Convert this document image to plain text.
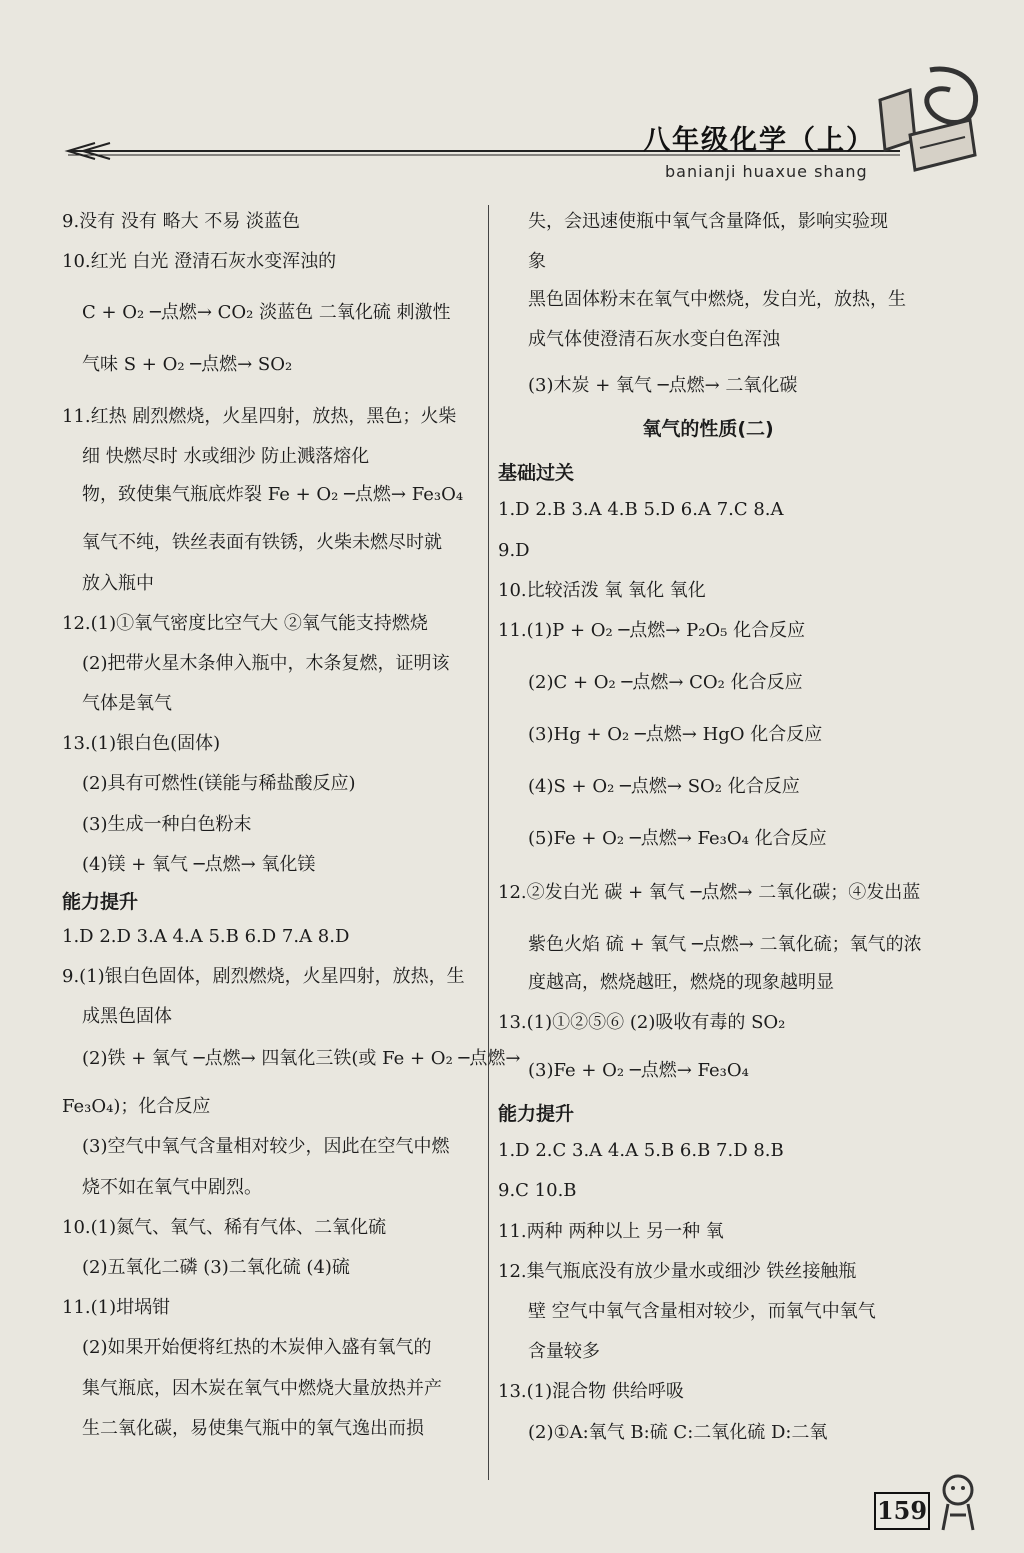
八年级化学（上）
banianji huaxue shang
9.没有 没有 略大 不易 淡蓝色
10.红光 白光 澄清石灰水变浑浊的
C + O₂ ─点燃→ CO₂ 淡蓝色 二氧化硫 刺激性
气味 S + O₂ ─点燃→ SO₂
11.红热 剧烈燃烧，火星四射，放热，黑色；火柴
细 快燃尽时 水或细沙 防止溅落熔化
物，致使集气瓶底炸裂 Fe + O₂ ─点燃→ Fe₃O₄
氧气不纯，铁丝表面有铁锈，火柴未燃尽时就
放入瓶中
12.(1)①氧气密度比空气大 ②氧气能支持燃烧
(2)把带火星木条伸入瓶中，木条复燃，证明该
气体是氧气
13.(1)银白色(固体)
(2)具有可燃性(镁能与稀盐酸反应)
(3)生成一种白色粉末
(4)镁 + 氧气 ─点燃→ 氧化镁
能力提升
1.D 2.D 3.A 4.A 5.B 6.D 7.A 8.D
9.(1)银白色固体，剧烈燃烧，火星四射，放热，生
成黑色固体
(2)铁 + 氧气 ─点燃→ 四氧化三铁(或 Fe + O₂ ─点燃→
Fe₃O₄)；化合反应
(3)空气中氧气含量相对较少，因此在空气中燃
烧不如在氧气中剧烈。
10.(1)氮气、氧气、稀有气体、二氧化硫
(2)五氧化二磷 (3)二氧化硫 (4)硫
11.(1)坩埚钳
(2)如果开始便将红热的木炭伸入盛有氧气的
集气瓶底，因木炭在氧气中燃烧大量放热并产
生二氧化碳，易使集气瓶中的氧气逸出而损
失，会迅速使瓶中氧气含量降低，影响实验现
象
黑色固体粉末在氧气中燃烧，发白光，放热，生
成气体使澄清石灰水变白色浑浊
(3)木炭 + 氧气 ─点燃→ 二氧化碳
氧气的性质(二)
基础过关
1.D 2.B 3.A 4.B 5.D 6.A 7.C 8.A
9.D
10.比较活泼 氧 氧化 氧化
11.(1)P + O₂ ─点燃→ P₂O₅ 化合反应
(2)C + O₂ ─点燃→ CO₂ 化合反应
(3)Hg + O₂ ─点燃→ HgO 化合反应
(4)S + O₂ ─点燃→ SO₂ 化合反应
(5)Fe + O₂ ─点燃→ Fe₃O₄ 化合反应
12.②发白光 碳 + 氧气 ─点燃→ 二氧化碳；④发出蓝
紫色火焰 硫 + 氧气 ─点燃→ 二氧化硫；氧气的浓
度越高，燃烧越旺，燃烧的现象越明显
13.(1)①②⑤⑥ (2)吸收有毒的 SO₂
(3)Fe + O₂ ─点燃→ Fe₃O₄
能力提升
1.D 2.C 3.A 4.A 5.B 6.B 7.D 8.B
9.C 10.B
11.两种 两种以上 另一种 氧
12.集气瓶底没有放少量水或细沙 铁丝接触瓶
壁 空气中氧气含量相对较少，而氧气中氧气
含量较多
13.(1)混合物 供给呼吸
(2)①A:氧气 B:硫 C:二氧化硫 D:二氧
159
